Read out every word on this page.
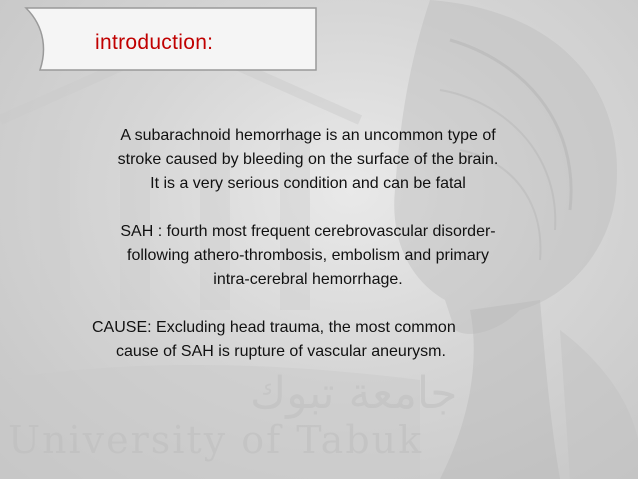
جامعة تبوك
University of Tabuk
introduction:

A subarachnoid hemorrhage is an uncommon type of

stroke caused by bleeding on the surface of the brain.

It is a very serious condition and can be fatal

SAH : fourth most frequent cerebrovascular disorder-

following athero-thrombosis, embolism and primary

intra-cerebral hemorrhage.

CAUSE: Excluding head trauma, the most common

cause of SAH is rupture of vascular aneurysm.
